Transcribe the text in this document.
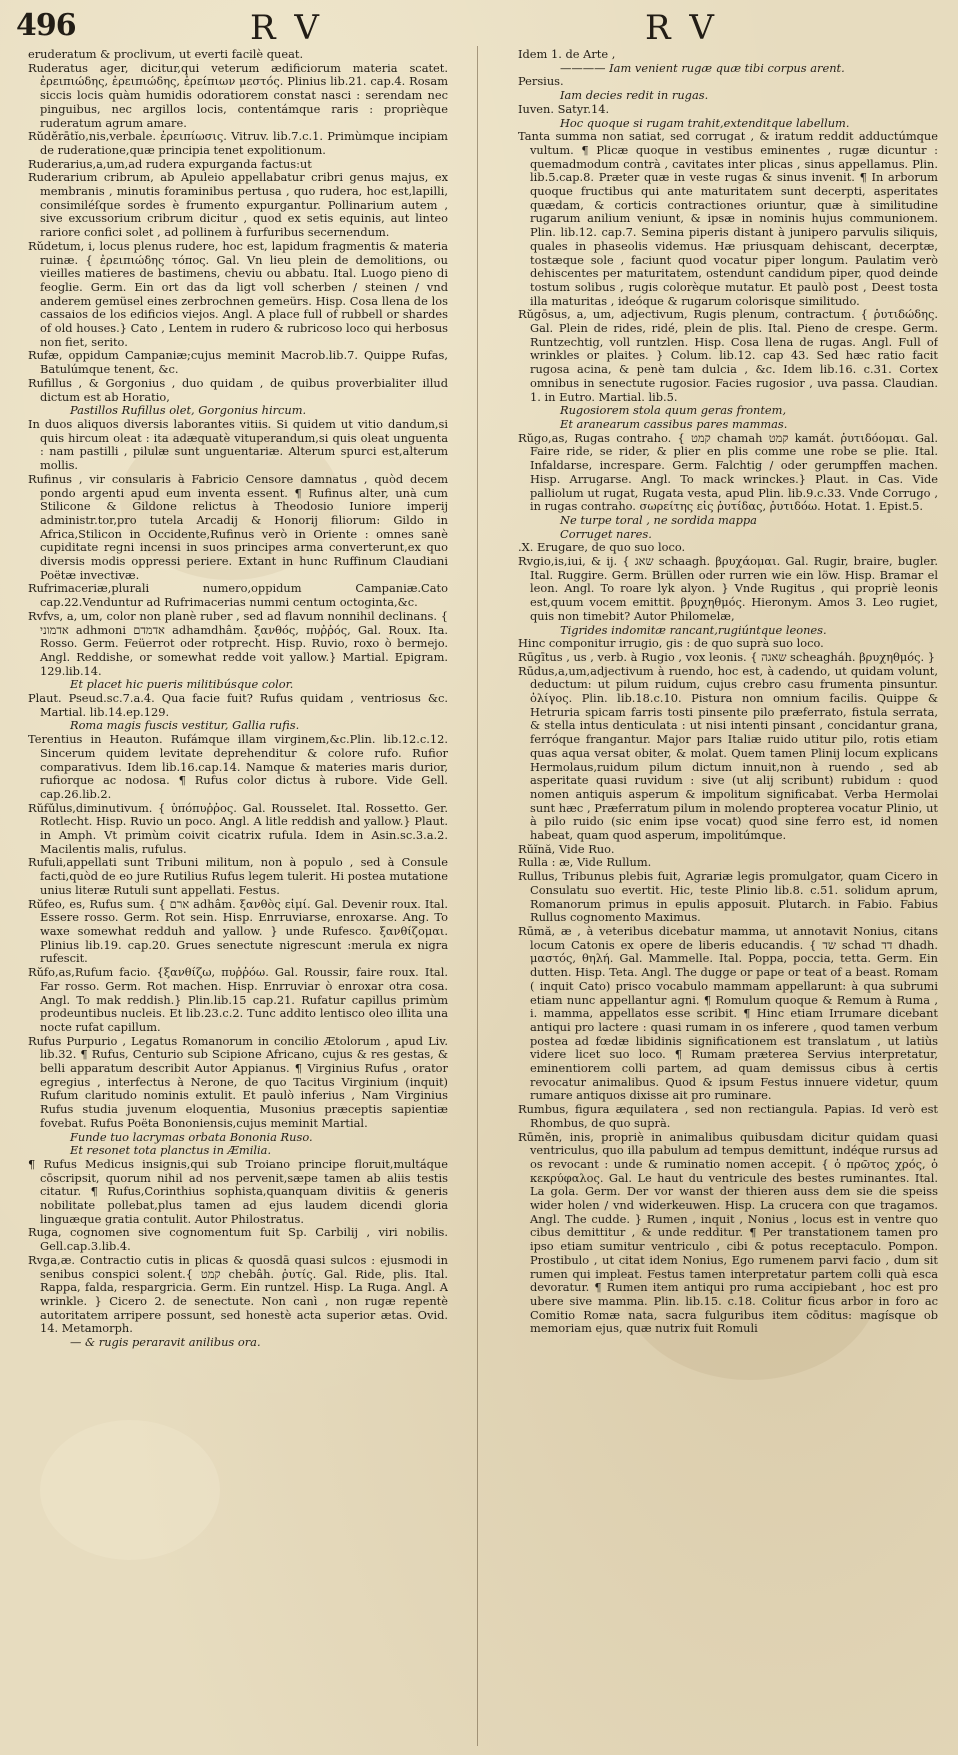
496	RV	RV

eruderatum & proclivum, ut everti facilè queat.

Ruderatus ager, dicitur,qui veterum ædificiorum materia scatet. ἐρειπιώδης, ἐρειπιώδης, ἐρείπιων μεστός. Plinius lib.21. cap.4. Rosam siccis locis quàm humidis odoratiorem constat nasci : serendam nec pinguibus, nec argillos locis, contentámque raris : proprièque ruderatum agrum amare.

Rŭdĕrātĭo,nis,verbale. ἐρειπίωσις. Vitruv. lib.7.c.1. Primùmque incipiam de ruderatione,quæ principia tenet expolitionum.

Ruderarius,a,um,ad rudera expurganda factus:ut

Ruderarium cribrum, ab Apuleio appellabatur cribri genus majus, ex membranis , minutis foraminibus pertusa , quo rudera, hoc est,lapilli, consimiléſque sordes è frumento expurgantur. Pollinarium autem , sive excussorium cribrum dicitur , quod ex setis equinis, aut linteo rariore confici solet , ad pollinem à furfuribus secernendum.

Rŭdetum, i, locus plenus rudere, hoc est, lapidum fragmentis & materia ruinæ. { ἐρειπιώδης τόπος. Gal. Vn lieu plein de demolitions, ou vieilles matieres de bastimens, cheviu ou abbatu. Ital. Luogo pieno di feoglie. Germ. Ein ort das da ligt voll scherben / steinen / vnd anderem gemüsel eines zerbrochnen gemeürs. Hisp. Cosa llena de los cassaios de los edificios viejos. Angl. A place full of rubbell or shardes of old houses.} Cato , Lentem in rudero & rubricoso loco qui herbosus non fiet, serito.

Rufæ, oppidum Campaniæ;cujus meminit Macrob.lib.7. Quippe Rufas, Batulúmque tenent, &c.

Rufillus , & Gorgonius , duo quidam , de quibus proverbialiter illud dictum est ab Horatio,

Pastillos Rufillus olet, Gorgonius hircum.

In duos aliquos diversis laborantes vitiis. Si quidem ut vitio dandum,si quis hircum oleat : ita adæquatè vituperandum,si quis oleat unguenta : nam pastilli , pilulæ sunt unguentariæ. Alterum spurci est,alterum mollis.

Rufinus , vir consularis à Fabricio Censore damnatus , quòd decem pondo argenti apud eum inventa essent. ¶ Rufinus alter, unà cum Stilicone & Gildone relictus à Theodosio Iuniore imperij administr.tor,pro tutela Arcadij & Honorij filiorum: Gildo in Africa,Stilicon in Occidente,Rufinus verò in Oriente : omnes sanè cupiditate regni incensi in suos principes arma converterunt,ex quo diversis modis oppressi periere. Extant in hunc Ruffinum Claudiani Poëtæ invectivæ.

Rufrimaceriæ,plurali numero,oppidum Campaniæ.Cato cap.22.Venduntur ad Rufrimacerias nummi centum octoginta,&c.

Rvfvs, a, um, color non planè ruber , sed ad flavum nonnihil declinans. { אדמוני adhmoni אדמדם adhamdhâm. ξανθός, πυῤῥός, Gal. Roux. Ita. Rosso. Germ. Feüerrot oder rotprecht. Hisp. Ruvio, roxo ò bermejo. Angl. Reddishe, or somewhat redde voit yallow.} Martial. Epigram. 129.lib.14.

Et placet hic pueris militibúsque color.

Plaut. Pseud.sc.7.a.4. Qua facie fuit? Rufus quidam , ventriosus &c. Martial. lib.14.ep.129.

Roma magis fuscis vestitur, Gallia rufis.

Terentius in Heauton. Rufámque illam virginem,&c.Plin. lib.12.c.12. Sincerum quidem levitate deprehenditur & colore rufo. Rufior comparativus. Idem lib.16.cap.14. Namque & materies maris durior, rufiorque ac nodosa. ¶ Rufus color dictus à rubore. Vide Gell. cap.26.lib.2.

Rŭfŭlus,diminutivum. { ὑπόπυῤῥος. Gal. Rousselet. Ital. Rossetto. Ger. Rotlecht. Hisp. Ruvio un poco. Angl. A litle reddish and yallow.} Plaut. in Amph. Vt primùm coivit cicatrix rufula. Idem in Asin.sc.3.a.2. Macilentis malis, rufulus.

Rufuli,appellati sunt Tribuni militum, non à populo , sed à Consule facti,quòd de eo jure Rutilius Rufus legem tulerit. Hi postea mutatione unius literæ Rutuli sunt appellati. Festus.

Rŭfeo, es, Rufus sum. { ארם adhâm. ξανθὸς εἰμί. Gal. Devenir roux. Ital. Essere rosso. Germ. Rot sein. Hisp. Enrruviarse, enroxarse. Ang. To waxe somewhat redduh and yallow. } unde Rufesco. ξανθίζομαι. Plinius lib.19. cap.20. Grues senectute nigrescunt :merula ex nigra rufescit.

Rŭfo,as,Rufum facio. {ξανθίζω, πυῤῥόω. Gal. Roussir, faire roux. Ital. Far rosso. Germ. Rot machen. Hisp. Enrruviar ò enroxar otra cosa. Angl. To mak reddish.} Plin.lib.15 cap.21. Rufatur capillus primùm prodeuntibus nucleis. Et lib.23.c.2. Tunc addito lentisco oleo illita una nocte rufat capillum.

Rufus Purpurio , Legatus Romanorum in concilio Ætolorum , apud Liv. lib.32. ¶ Rufus, Centurio sub Scipione Africano, cujus & res gestas, & belli apparatum describit Autor Appianus. ¶ Virginius Rufus , orator egregius , interfectus à Nerone, de quo Tacitus Virginium (inquit) Rufum claritudo nominis extulit. Et paulò inferius , Nam Virginius Rufus studia juvenum eloquentia, Musonius præceptis sapientiæ fovebat. Rufus Poëta Bononiensis,cujus meminit Martial.

Funde tuo lacrymas orbata Bononia Ruso.

Et resonet tota planctus in Æmilia.

¶ Rufus Medicus insignis,qui sub Troiano principe floruit,multáque cōscripsit, quorum nihil ad nos pervenit,sæpe tamen ab aliis testis citatur. ¶ Rufus,Corinthius sophista,quanquam divitiis & generis nobilitate pollebat,plus tamen ad ejus laudem dicendi gloria linguæque gratia contulit. Autor Philostratus.

Ruga, cognomen sive cognomentum fuit Sp. Carbilij , viri nobilis. Gell.cap.3.lib.4.

Rvga,æ. Contractio cutis in plicas & quosdā quasi sulcos : ejusmodi in senibus conspici solent.{ קמט chebâh. ῥυτίς. Gal. Ride, plis. Ital. Rappa, falda, respargricia. Germ. Ein runtzel. Hisp. La Ruga. Angl. A wrinkle. } Cicero 2. de senectute. Non canì , non rugæ repentè autoritatem arripere possunt, sed honestè acta superior ætas. Ovid. 14. Metamorph.

— & rugis peraravit anilibus ora.

Idem 1. de Arte ,

———— Iam venient rugæ quæ tibi corpus arent.

Persius.

Iam decies redit in rugas.

Iuven. Satyr.14.

Hoc quoque si rugam trahit,extenditque labellum.

Tanta summa non satiat, sed corrugat , & iratum reddit adductúmque vultum. ¶ Plicæ quoque in vestibus eminentes , rugæ dicuntur : quemadmodum contrà , cavitates inter plicas , sinus appellamus. Plin. lib.5.cap.8. Præter quæ in veste rugas & sinus invenit. ¶ In arborum quoque fructibus qui ante maturitatem sunt decerpti, asperitates quædam, & corticis contractiones oriuntur, quæ à similitudine rugarum anilium veniunt, & ipsæ in nominis hujus communionem. Plin. lib.12. cap.7. Semina piperis distant à junipero parvulis siliquis, quales in phaseolis videmus. Hæ priusquam dehiscant, decerptæ, tostæque sole , faciunt quod vocatur piper longum. Paulatim verò dehiscentes per maturitatem, ostendunt candidum piper, quod deinde tostum solibus , rugis colorèque mutatur. Et paulò post , Deest tosta illa maturitas , ideóque & rugarum colorisque similitudo.

Rŭgōsus, a, um, adjectivum, Rugis plenum, contractum. { ῥυτιδώδης. Gal. Plein de rides, ridé, plein de plis. Ital. Pieno de crespe. Germ. Runtzechtig, voll runtzlen. Hisp. Cosa llena de rugas. Angl. Full of wrinkles or plaites. } Colum. lib.12. cap 43. Sed hæc ratio facit rugosa acina, & penè tam dulcia , &c. Idem lib.16. c.31. Cortex omnibus in senectute rugosior. Facies rugosior , uva passa. Claudian. 1. in Eutro. Martial. lib.5.

Rugosiorem stola quum geras frontem,

Et aranearum cassibus pares mammas.

Rŭgo,as, Rugas contraho. { קמט chamah קמט kamát. ῥυτιδόομαι. Gal. Faire ride, se rider, & plier en plis comme une robe se plie. Ital. Infaldarse, increspare. Germ. Falchtig / oder gerumpffen machen. Hisp. Arrugarse. Angl. To mack wrinckes.} Plaut. in Cas. Vide palliolum ut rugat, Rugata vesta, apud Plin. lib.9.c.33. Vnde Corrugo , in rugas contraho. σωρείτης εἰς ῥυτίδας, ῥυτιδόω. Hotat. 1. Epist.5.

Ne turpe toral , ne sordida mappa

Corruget nares.

.X. Erugare, de quo suo loco.

Rvgio,is,iui, & ij. { שאג schaagh. βρυχάομαι. Gal. Rugir, braire, bugler. Ital. Ruggire. Germ. Brüllen oder rurren wie ein löw. Hisp. Bramar el leon. Angl. To roare lyk alyon. } Vnde Rugitus , qui propriè leonis est,quum vocem emittit. βρυχηθμός. Hieronym. Amos 3. Leo rugiet, quis non timebit? Autor Philomelæ,

Tigrides indomitæ rancant,rugiúntque leones.

Hinc componitur irrugio, gis : de quo suprà suo loco.

Rūgītus , us , verb. à Rugio , vox leonis. { שאגה scheagháh. βρυχηθμός. }

Rūdus,a,um,adjectivum à ruendo, hoc est, à cadendo, ut quidam volunt, deductum: ut pilum ruidum, cujus crebro casu frumenta pinsuntur. ὀλίγος. Plin. lib.18.c.10. Pistura non omnium facilis. Quippe & Hetruria spicam farris tosti pinsente pilo præferrato, fistula serrata, & stella intus denticulata : ut nisi intenti pinsant , concidantur grana, ferróque frangantur. Major pars Italiæ ruido utitur pilo, rotis etiam quas aqua versat obiter, & molat. Quem tamen Plinij locum explicans Hermolaus,ruidum pilum dictum innuit,non à ruendo , sed ab asperitate quasi ruvidum : sive (ut alij scribunt) rubidum : quod nomen antiquis asperum & impolitum significabat. Verba Hermolai sunt hæc , Præferratum pilum in molendo propterea vocatur Plinio, ut à pilo ruido (sic enim ipse vocat) quod sine ferro est, id nomen habeat, quam quod asperum, impolitúmque.

Rŭĭnă, Vide Ruo.

Rulla : æ, Vide Rullum.

Rullus, Tribunus plebis fuit, Agrariæ legis promulgator, quam Cicero in Consulatu suo evertit. Hic, teste Plinio lib.8. c.51. solidum aprum, Romanorum primus in epulis apposuit. Plutarch. in Fabio. Fabius Rullus cognomento Maximus.

Rūmă, æ , à veteribus dicebatur mamma, ut annotavit Nonius, citans locum Catonis ex opere de liberis educandis. { שד schad דד dhadh. μαστός, θηλή. Gal. Mammelle. Ital. Poppa, poccia, tetta. Germ. Ein dutten. Hisp. Teta. Angl. The dugge or pape or teat of a beast. Romam ( inquit Cato) prisco vocabulo mammam appellarunt: à qua subrumi etiam nunc appellantur agni. ¶ Romulum quoque & Remum à Ruma , i. mamma, appellatos esse scribit. ¶ Hinc etiam Irrumare dicebant antiqui pro lactere : quasi rumam in os inferere , quod tamen verbum postea ad fœdæ libidinis significationem est translatum , ut latiùs videre licet suo loco. ¶ Rumam præterea Servius interpretatur, eminentiorem colli partem, ad quam demissus cibus à certis revocatur animalibus. Quod & ipsum Festus innuere videtur, quum rumare antiquos dixisse ait pro ruminare.

Rumbus, figura æquilatera , sed non rectiangula. Papias. Id verò est Rhombus, de quo suprà.

Rūmĕn, inis, propriè in animalibus quibusdam dicitur quidam quasi ventriculus, quo illa pabulum ad tempus demittunt, indéque rursus ad os revocant : unde & ruminatio nomen accepit. { ὁ πρῶτος χρός, ὁ κεκρύφαλος. Gal. Le haut du ventricule des bestes ruminantes. Ital. La gola. Germ. Der vor wanst der thieren auss dem sie die speiss wider holen / vnd widerkeuwen. Hisp. La crucera con que tragamos. Angl. The cudde. } Rumen , inquit , Nonius , locus est in ventre quo cibus demittitur , & unde redditur. ¶ Per transtationem tamen pro ipso etiam sumitur ventriculo , cibi & potus receptaculo. Pompon. Prostibulo , ut citat idem Nonius, Ego rumenem parvi facio , dum sit rumen qui impleat. Festus tamen interpretatur partem colli quà esca devoratur. ¶ Rumen item antiqui pro ruma accipiebant , hoc est pro ubere sive mamma. Plin. lib.15. c.18. Colitur ficus arbor in foro ac Comitio Romæ nata, sacra fulguribus item cōditus: magísque ob memoriam ejus, quæ nutrix fuit Romuli
